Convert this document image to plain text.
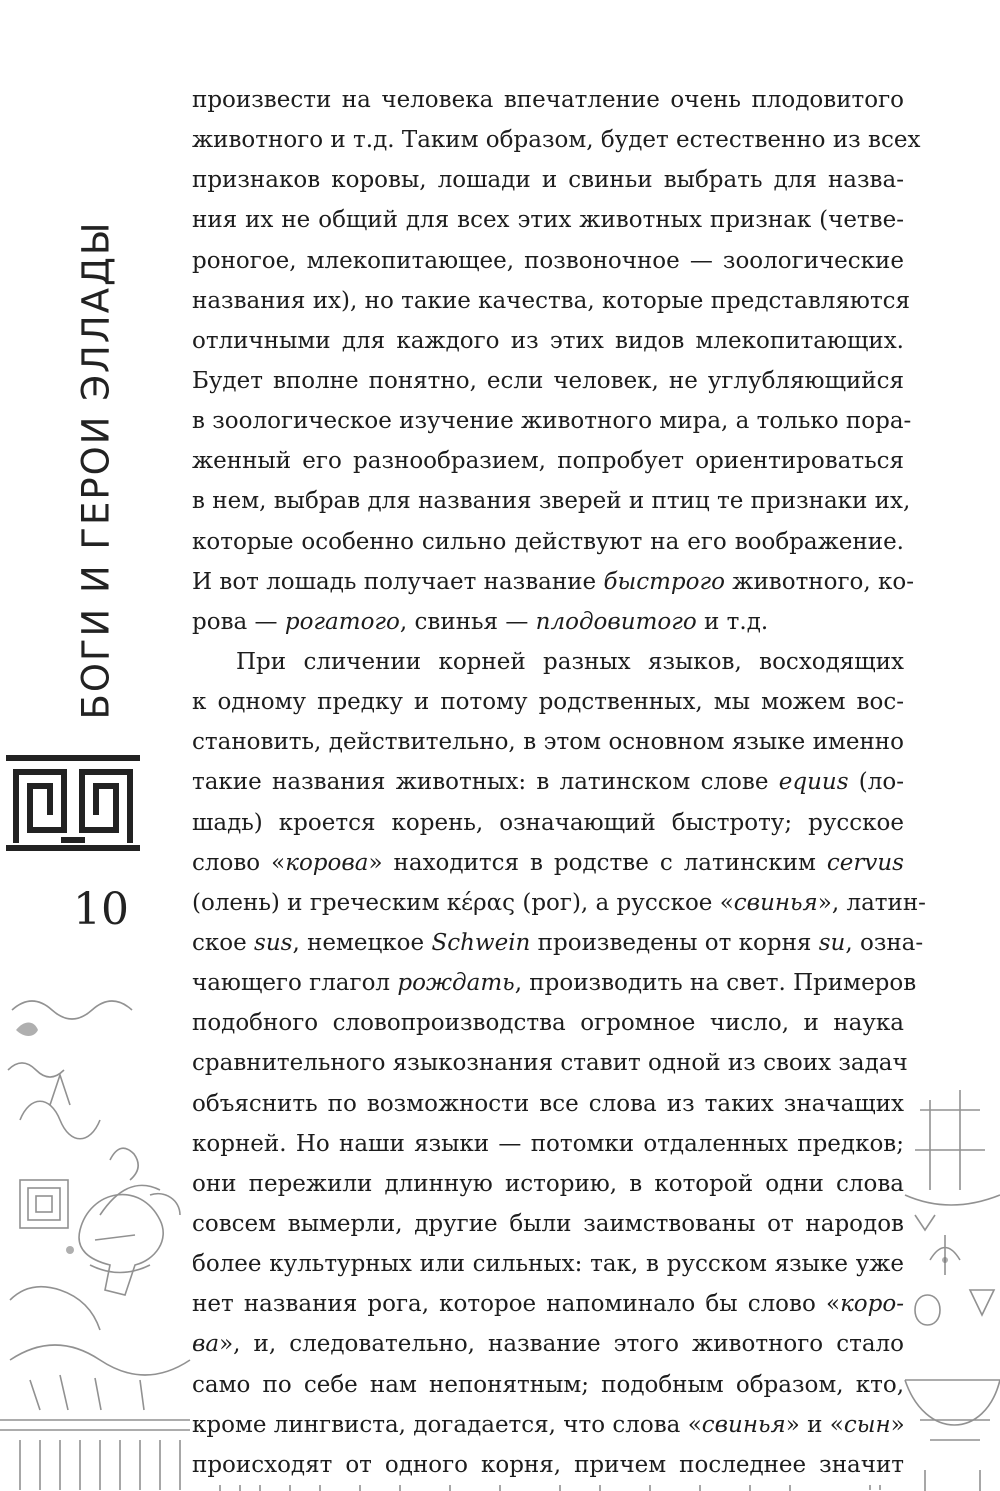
БОГИ И ГЕРОИ ЭЛЛАДЫ
10
произвести на человека впечатление очень плодовитого
животного и т.д. Таким образом, будет естественно из всех
признаков коровы, лошади и свиньи выбрать для назва-
ния их не общий для всех этих животных признак (четве-
роногое, млекопитающее, позвоночное — зоологические
названия их), но такие качества, которые представляются
отличными для каждого из этих видов млекопитающих.
Будет вполне понятно, если человек, не углубляющийся
в зоологическое изучение животного мира, а только пора-
женный его разнообразием, попробует ориентироваться
в нем, выбрав для названия зверей и птиц те признаки их,
которые особенно сильно действуют на его воображение.
И вот лошадь получает название быстрого животного, ко-
рова — рогатого, свинья — плодовитого и т.д.
При сличении корней разных языков, восходящих
к одному предку и потому родственных, мы можем вос-
становить, действительно, в этом основном языке именно
такие названия животных: в латинском слове equus (ло-
шадь) кроется корень, означающий быстроту; русское
слово «корова» находится в родстве с латинским cervus
(олень) и греческим κέρας (рог), а русское «свинья», латин-
ское sus, немецкое Schwein произведены от корня su, озна-
чающего глагол рождать, производить на свет. Примеров
подобного словопроизводства огромное число, и наука
сравнительного языкознания ставит одной из своих задач
объяснить по возможности все слова из таких значащих
корней. Но наши языки — потомки отдаленных предков;
они пережили длинную историю, в которой одни слова
совсем вымерли, другие были заимствованы от народов
более культурных или сильных: так, в русском языке уже
нет названия рога, которое напоминало бы слово «коро-
ва», и, следовательно, название этого животного стало
само по себе нам непонятным; подобным образом, кто,
кроме лингвиста, догадается, что слова «свинья» и «сын»
происходят от одного корня, причем последнее значит
